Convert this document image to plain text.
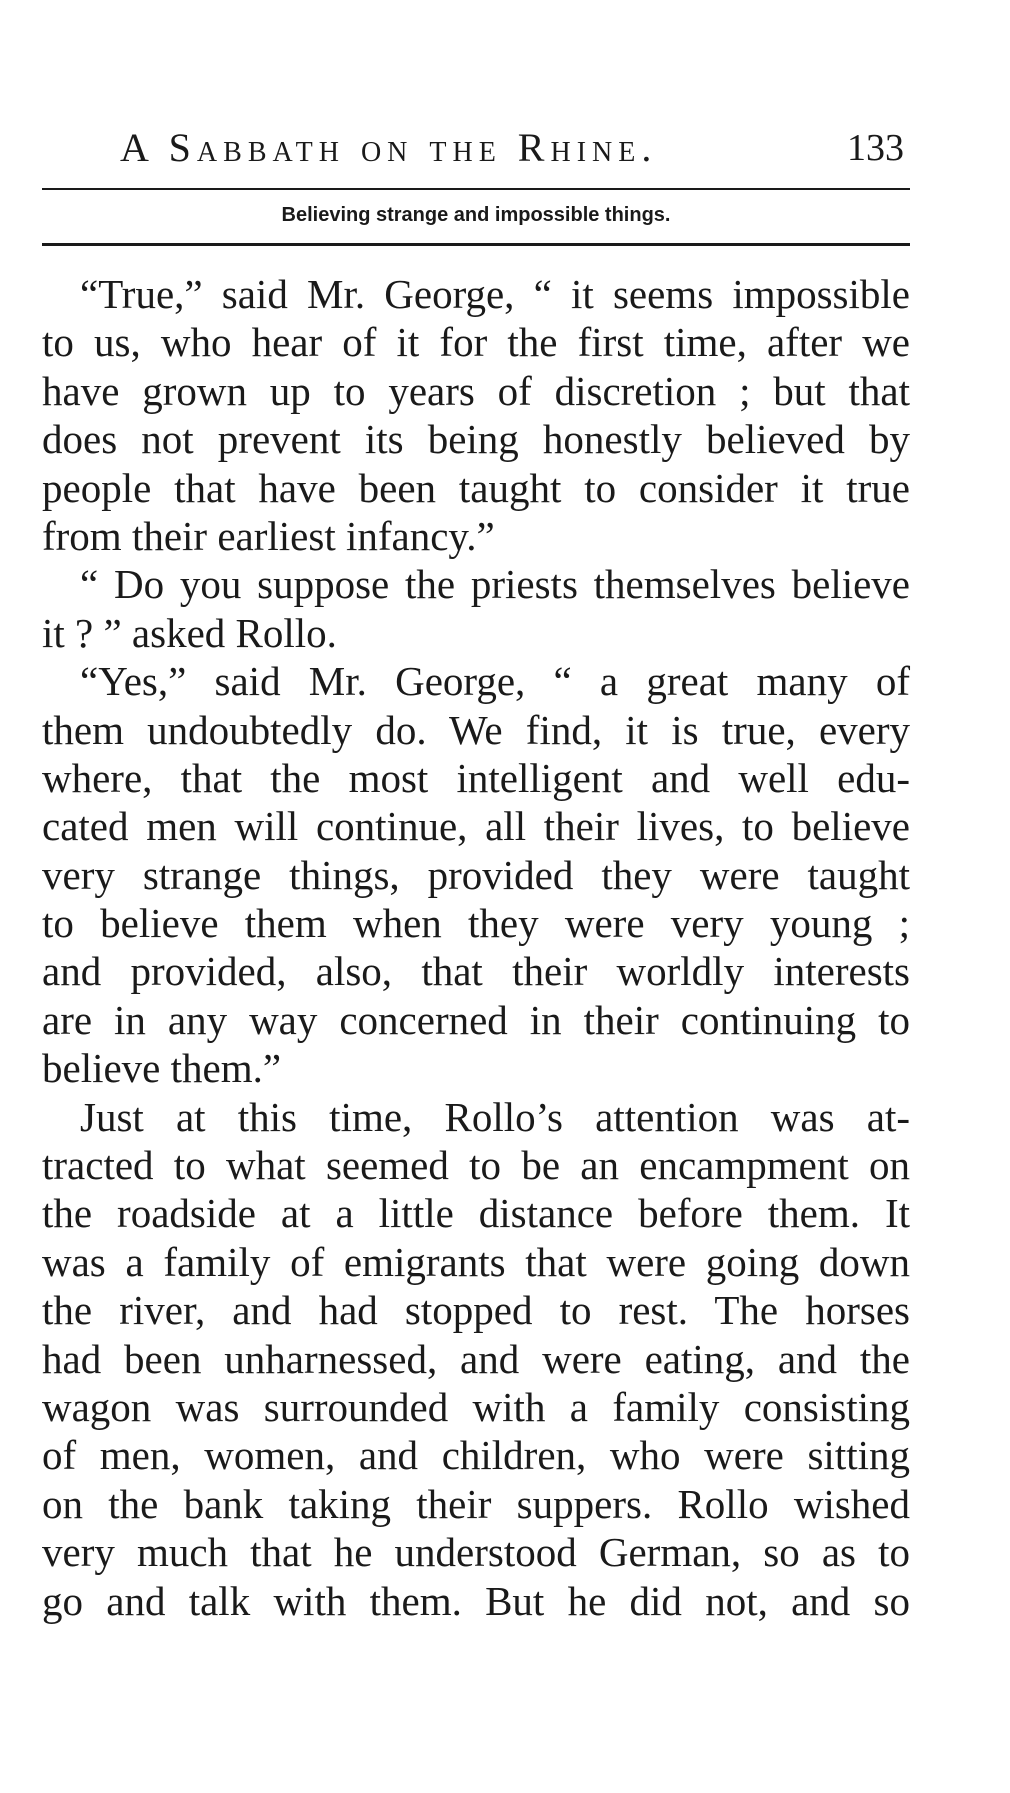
A Sabbath on the Rhine.	133
Believing strange and impossible things.
“True,” said Mr. George, “ it seems impossible
to us, who hear of it for the first time, after we
have grown up to years of discretion ; but that
does not prevent its being honestly believed by
people that have been taught to consider it true
from their earliest infancy.”
“ Do you suppose the priests themselves believe
it ? ” asked Rollo.
“Yes,” said Mr. George, “ a great many of
them undoubtedly do. We find, it is true, every
where, that the most intelligent and well edu-
cated men will continue, all their lives, to believe
very strange things, provided they were taught
to believe them when they were very young ;
and provided, also, that their worldly interests
are in any way concerned in their continuing to
believe them.”
Just at this time, Rollo’s attention was at-
tracted to what seemed to be an encampment on
the roadside at a little distance before them. It
was a family of emigrants that were going down
the river, and had stopped to rest. The horses
had been unharnessed, and were eating, and the
wagon was surrounded with a family consisting
of men, women, and children, who were sitting
on the bank taking their suppers. Rollo wished
very much that he understood German, so as to
go and talk with them. But he did not, and so
